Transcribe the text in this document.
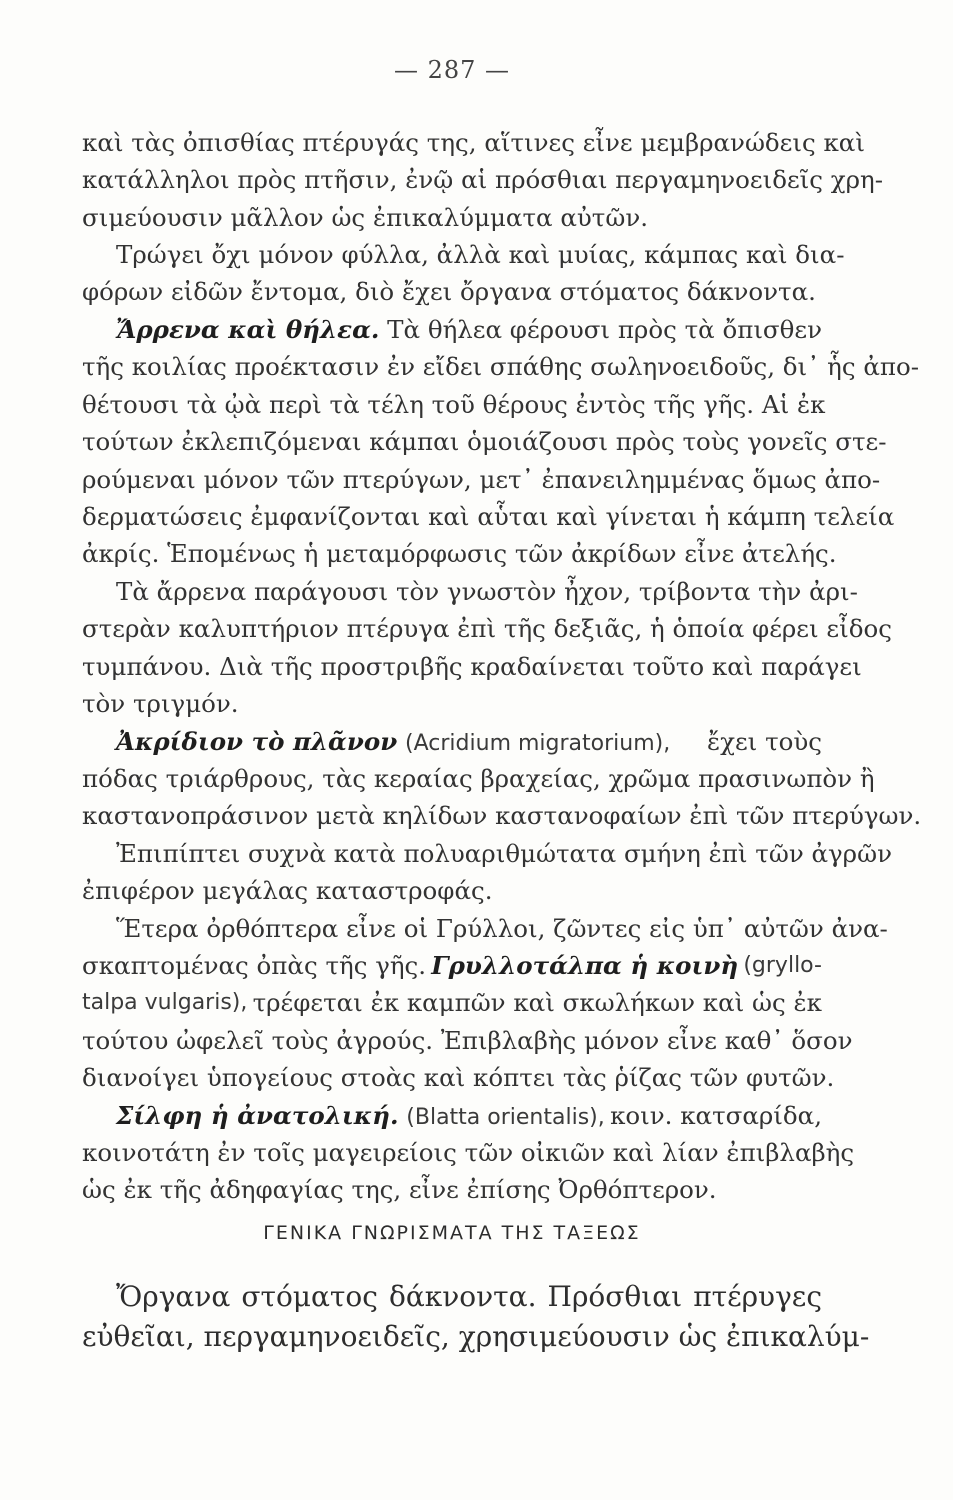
— 287 —
καὶ τὰς ὀπισθίας πτέρυγάς της, αἵτινες εἶνε μεμβρανώδεις καὶ
κατάλληλοι πρὸς πτῆσιν, ἐνῷ αἱ πρόσθιαι περγαμηνοειδεῖς χρη-
σιμεύουσιν μᾶλλον ὡς ἐπικαλύμματα αὐτῶν.
Τρώγει ὄχι μόνον φύλλα, ἀλλὰ καὶ μυίας, κάμπας καὶ δια-
φόρων εἰδῶν ἔντομα, διὸ ἔχει ὄργανα στόματος δάκνοντα.
Ἄρρενα καὶ θήλεα. Τὰ θήλεα φέρουσι πρὸς τὰ ὄπισθεν
τῆς κοιλίας προέκτασιν ἐν εἴδει σπάθης σωληνοειδοῦς, δι᾽ ἧς ἀπο-
θέτουσι τὰ ᾠὰ περὶ τὰ τέλη τοῦ θέρους ἐντὸς τῆς γῆς. Αἱ ἐκ
τούτων ἐκλεπιζόμεναι κάμπαι ὁμοιάζουσι πρὸς τοὺς γονεῖς στε-
ρούμεναι μόνον τῶν πτερύγων, μετ᾽ ἐπανειλημμένας ὅμως ἀπο-
δερματώσεις ἐμφανίζονται καὶ αὗται καὶ γίνεται ἡ κάμπη τελεία
ἀκρίς. Ἑπομένως ἡ μεταμόρφωσις τῶν ἀκρίδων εἶνε ἀτελής.
Τὰ ἄρρενα παράγουσι τὸν γνωστὸν ἦχον, τρίβοντα τὴν ἀρι-
στερὰν καλυπτήριον πτέρυγα ἐπὶ τῆς δεξιᾶς, ἡ ὁποία φέρει εἶδος
τυμπάνου. Διὰ τῆς προστριβῆς κραδαίνεται τοῦτο καὶ παράγει
τὸν τριγμόν.
Ἀκρίδιον τὸ πλᾶνον (Acridium migratorium), ἔχει τοὺς
πόδας τριάρθρους, τὰς κεραίας βραχείας, χρῶμα πρασινωπὸν ἢ
καστανοπράσινον μετὰ κηλίδων καστανοφαίων ἐπὶ τῶν πτερύγων.
Ἐπιπίπτει συχνὰ κατὰ πολυαριθμώτατα σμήνη ἐπὶ τῶν ἀγρῶν
ἐπιφέρον μεγάλας καταστροφάς.
Ἕτερα ὀρθόπτερα εἶνε οἱ Γρύλλοι, ζῶντες εἰς ὑπ᾽ αὐτῶν ἀνα-
σκαπτομένας ὀπὰς τῆς γῆς. Γρυλλοτάλπα ἡ κοινὴ (gryllo-
talpa vulgaris), τρέφεται ἐκ καμπῶν καὶ σκωλήκων καὶ ὡς ἐκ
τούτου ὠφελεῖ τοὺς ἀγρούς. Ἐπιβλαβὴς μόνον εἶνε καθ᾽ ὅσον
διανοίγει ὑπογείους στοὰς καὶ κόπτει τὰς ῥίζας τῶν φυτῶν.
Σίλφη ἡ ἀνατολική. (Blatta orientalis), κοιν. κατσαρίδα,
κοινοτάτη ἐν τοῖς μαγειρείοις τῶν οἰκιῶν καὶ λίαν ἐπιβλαβὴς
ὡς ἐκ τῆς ἀδηφαγίας της, εἶνε ἐπίσης Ὀρθόπτερον.
ΓΕΝΙΚΑ ΓΝΩΡΙΣΜΑΤΑ ΤΗΣ ΤΑΞΕΩΣ
Ὄργανα στόματος δάκνοντα. Πρόσθιαι πτέρυγες
εὐθεῖαι, περγαμηνοειδεῖς, χρησιμεύουσιν ὡς ἐπικαλύμ-
